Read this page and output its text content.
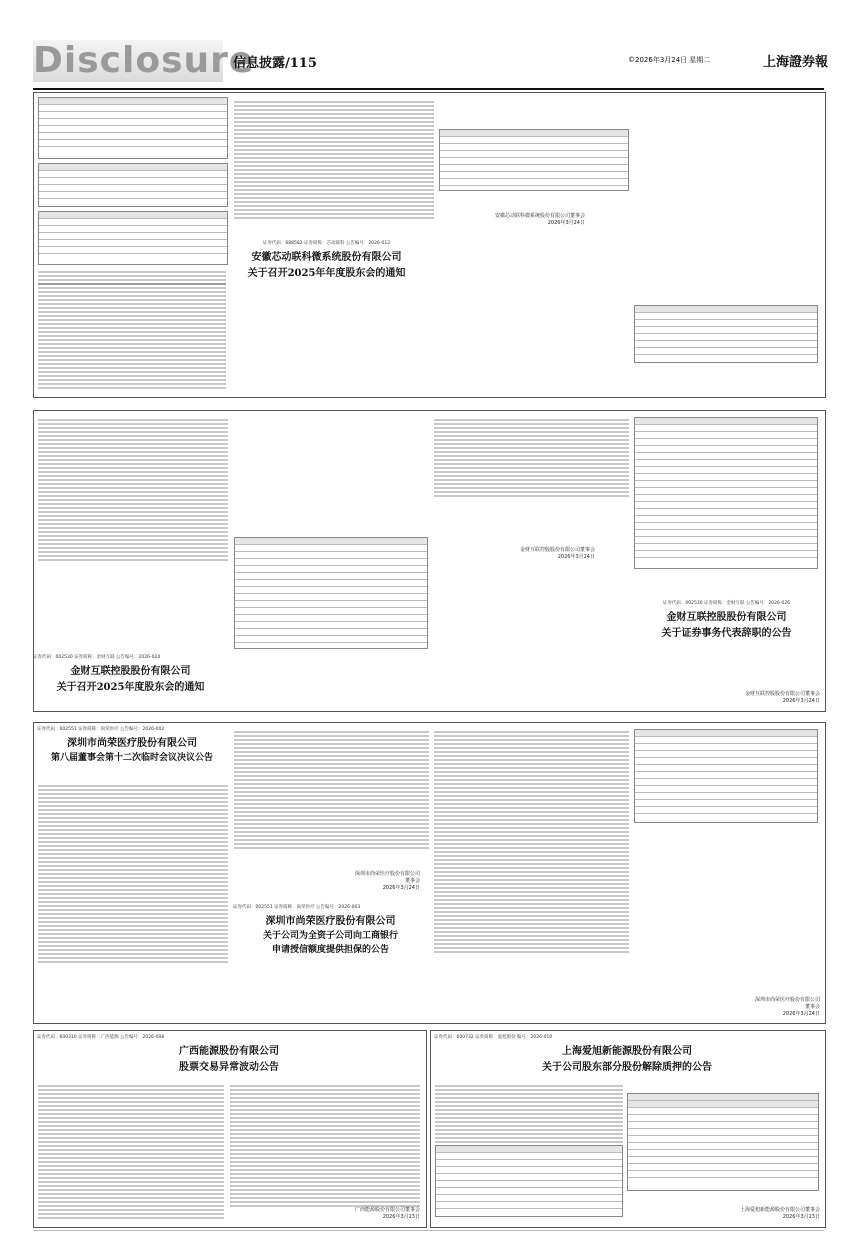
Disclosure
信息披露/115	©2026年3月24日 星期二	上海證券報
证券代码：688582 证券简称：芯动联科 公告编号：2026-012
安徽芯动联科微系统股份有限公司
关于召开2025年年度股东会的通知
安徽芯动联科微系统股份有限公司董事会
2026年3月24日
证券代码：002530 证券简称：金财互联 公告编号：2026-024
金财互联控股股份有限公司
关于召开2025年度股东会的通知
金财互联控股股份有限公司董事会
2026年3月24日
证券代码：002530 证券简称：金财互联 公告编号：2026-026
金财互联控股股份有限公司
关于证券事务代表辞职的公告
金财互联控股股份有限公司董事会
2026年3月24日
证券代码：002551 证券简称：尚荣医疗 公告编号：2026-002
深圳市尚荣医疗股份有限公司
第八届董事会第十二次临时会议决议公告
证券代码：002551 证券简称：尚荣医疗 公告编号：2026-003
深圳市尚荣医疗股份有限公司
关于公司为全资子公司向工商银行
申请授信额度提供担保的公告
深圳市尚荣医疗股份有限公司
董事会
2026年3月24日
深圳市尚荣医疗股份有限公司
董事会
2026年3月24日
证券代码：600310 证券简称：广西能源 公告编号：2026-008
广西能源股份有限公司
股票交易异常波动公告
广西能源股份有限公司董事会
2026年3月23日
证券代码：600732 证券简称：爱旭股份 编号：2026-010
上海爱旭新能源股份有限公司
关于公司股东部分股份解除质押的公告
上海爱旭新能源股份有限公司董事会
2026年3月23日
